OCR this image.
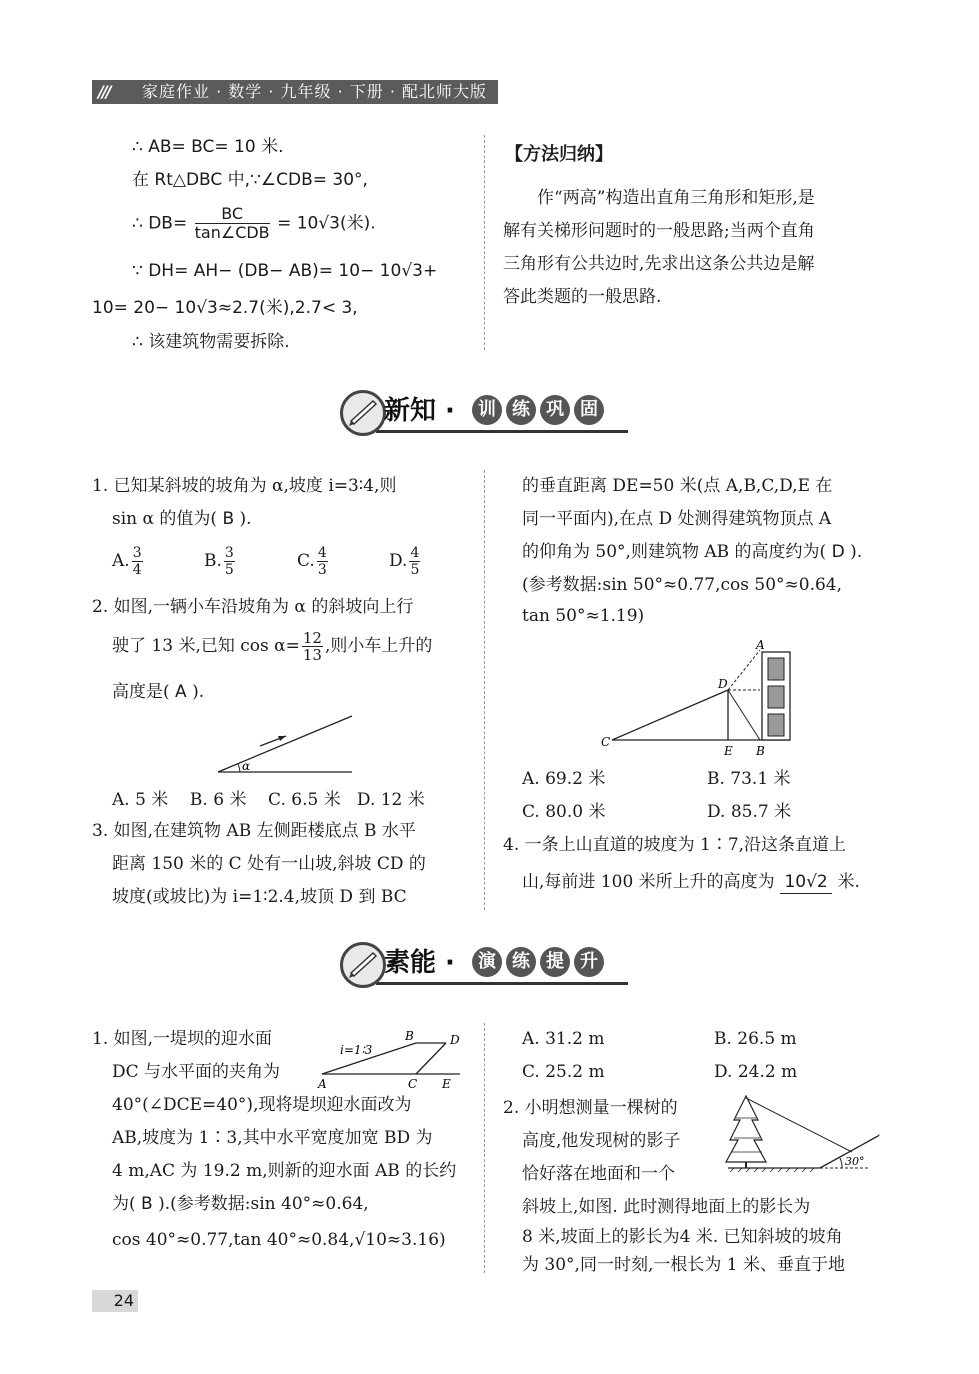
/// 家庭作业 · 数学 · 九年级 · 下册 · 配北师大版
∴ AB= BC= 10 米.
在 Rt△DBC 中,∵∠CDB= 30°,
∴ $DB= \frac{BC}{\text{tan∠CDB}} = 10√3$(米).
∵ DH= AH− (DB− AB)= 10− 10√3+
10= 20− 10√3≈2.7(米),2.7< 3,
∴ 该建筑物需要拆除.
【方法归纳】
作“两高”构造出直角三角形和矩形,是
解有关梯形问题时的一般思路;当两个直角
三角形有公共边时,先求出这条公共边是解
答此类题的一般思路.
新知 ·	训 练 巩 固
1. 已知某斜坡的坡角为 α,坡度 i=3∶4,则
sin α 的值为( B ).
A. $\frac{3}{4}$	B. $\frac{3}{5}$	C. $\frac{4}{3}$	D. $\frac{4}{5}$
2. 如图,一辆小车沿坡角为 α 的斜坡向上行
驶了 13 米,已知 $\cos \alpha= \frac{12}{13}$ ,则小车上升的
高度是( A ).
α
A. 5 米    B. 6 米    C. 6.5 米   D. 12 米
3. 如图,在建筑物 AB 左侧距楼底点 B 水平
距离 150 米的 C 处有一山坡,斜坡 CD 的
坡度(或坡比)为 i=1∶2.4,坡顶 D 到 BC
的垂直距离 DE=50 米(点 A,B,C,D,E 在
同一平面内),在点 D 处测得建筑物顶点 A
的仰角为 50°,则建筑物 AB 的高度约为( D ).
(参考数据:sin 50°≈0.77,cos 50°≈0.64,
tan 50°≈1.19)
A
D
C
E B
A. 69.2 米	B. 73.1 米
C. 80.0 米	D. 85.7 米
4. 一条上山直道的坡度为 1∶7,沿这条直道上
山,每前进 100 米所上升的高度为 10√2 米.
素能 ·	演 练 提 升
1. 如图,一堤坝的迎水面
DC 与水平面的夹角为
i=1∶3
B	D
A	C E
40°(∠DCE=40°),现将堤坝迎水面改为
AB,坡度为 1∶3,其中水平宽度加宽 BD 为
4 m,AC 为 19.2 m,则新的迎水面 AB 的长约
为( B ).(参考数据:sin 40°≈0.64,
cos 40°≈0.77,tan 40°≈0.84,√10≈3.16)
A. 31.2 m	B. 26.5 m
C. 25.2 m	D. 24.2 m
2. 小明想测量一棵树的
高度,他发现树的影子
恰好落在地面和一个
30°
斜坡上,如图. 此时测得地面上的影长为
8 米,坡面上的影长为4 米. 已知斜坡的坡角
为 30°,同一时刻,一根长为 1 米、垂直于地
24
